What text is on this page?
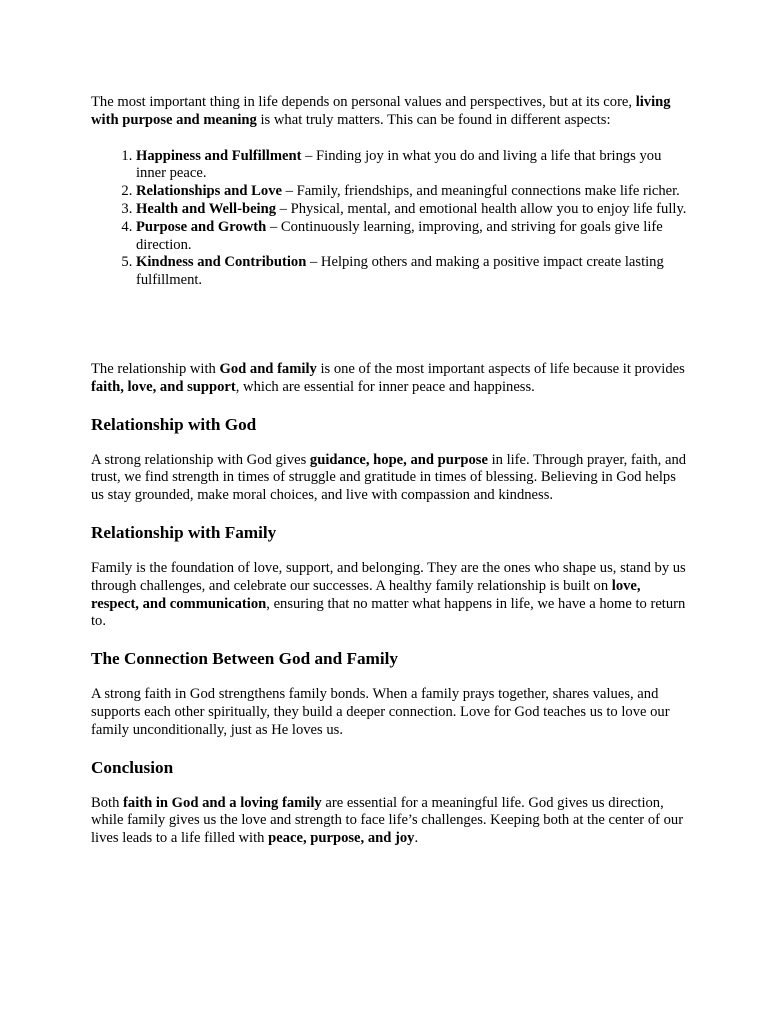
The most important thing in life depends on personal values and perspectives, but at its core, living with purpose and meaning is what truly matters. This can be found in different aspects:

1. Happiness and Fulfillment – Finding joy in what you do and living a life that brings you inner peace.
2. Relationships and Love – Family, friendships, and meaningful connections make life richer.
3. Health and Well-being – Physical, mental, and emotional health allow you to enjoy life fully.
4. Purpose and Growth – Continuously learning, improving, and striving for goals give life direction.
5. Kindness and Contribution – Helping others and making a positive impact create lasting fulfillment.

The relationship with God and family is one of the most important aspects of life because it provides faith, love, and support, which are essential for inner peace and happiness.

Relationship with God

A strong relationship with God gives guidance, hope, and purpose in life. Through prayer, faith, and trust, we find strength in times of struggle and gratitude in times of blessing. Believing in God helps us stay grounded, make moral choices, and live with compassion and kindness.

Relationship with Family

Family is the foundation of love, support, and belonging. They are the ones who shape us, stand by us through challenges, and celebrate our successes. A healthy family relationship is built on love, respect, and communication, ensuring that no matter what happens in life, we have a home to return to.

The Connection Between God and Family

A strong faith in God strengthens family bonds. When a family prays together, shares values, and supports each other spiritually, they build a deeper connection. Love for God teaches us to love our family unconditionally, just as He loves us.

Conclusion

Both faith in God and a loving family are essential for a meaningful life. God gives us direction, while family gives us the love and strength to face life’s challenges. Keeping both at the center of our lives leads to a life filled with peace, purpose, and joy.
